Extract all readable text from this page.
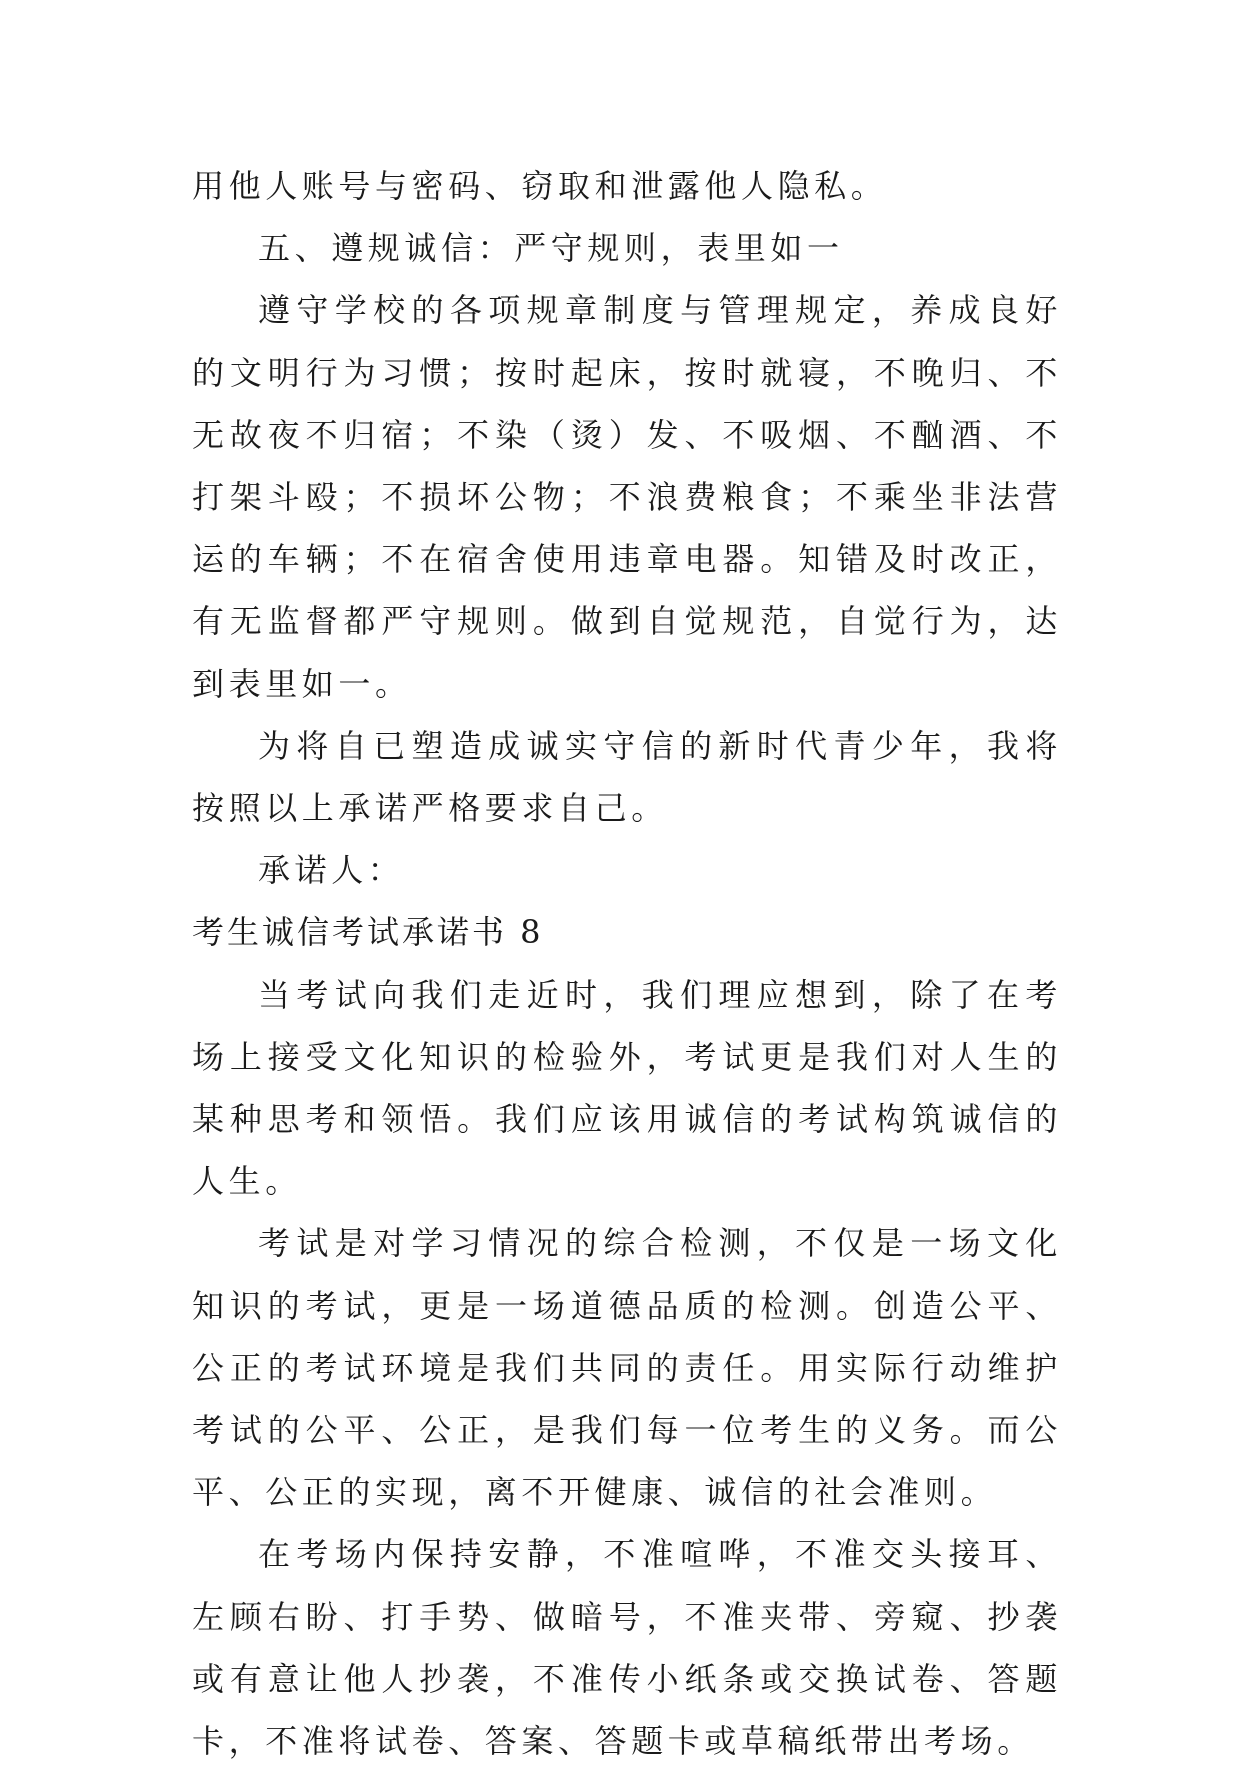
用他人账号与密码、窃取和泄露他人隐私。

五、遵规诚信：严守规则，表里如一

遵守学校的各项规章制度与管理规定，养成良好的文明行为习惯；按时起床，按时就寝，不晚归、不无故夜不归宿；不染（烫）发、不吸烟、不酗酒、不打架斗殴；不损坏公物；不浪费粮食；不乘坐非法营运的车辆；不在宿舍使用违章电器。知错及时改正，有无监督都严守规则。做到自觉规范，自觉行为，达到表里如一。

为将自已塑造成诚实守信的新时代青少年，我将按照以上承诺严格要求自己。

承诺人：

考生诚信考试承诺书 8

当考试向我们走近时，我们理应想到，除了在考场上接受文化知识的检验外，考试更是我们对人生的某种思考和领悟。我们应该用诚信的考试构筑诚信的人生。

考试是对学习情况的综合检测，不仅是一场文化知识的考试，更是一场道德品质的检测。创造公平、公正的考试环境是我们共同的责任。用实际行动维护考试的公平、公正，是我们每一位考生的义务。而公平、公正的实现，离不开健康、诚信的社会准则。

在考场内保持安静，不准喧哗，不准交头接耳、左顾右盼、打手势、做暗号，不准夹带、旁窥、抄袭或有意让他人抄袭，不准传小纸条或交换试卷、答题卡，不准将试卷、答案、答题卡或草稿纸带出考场。
